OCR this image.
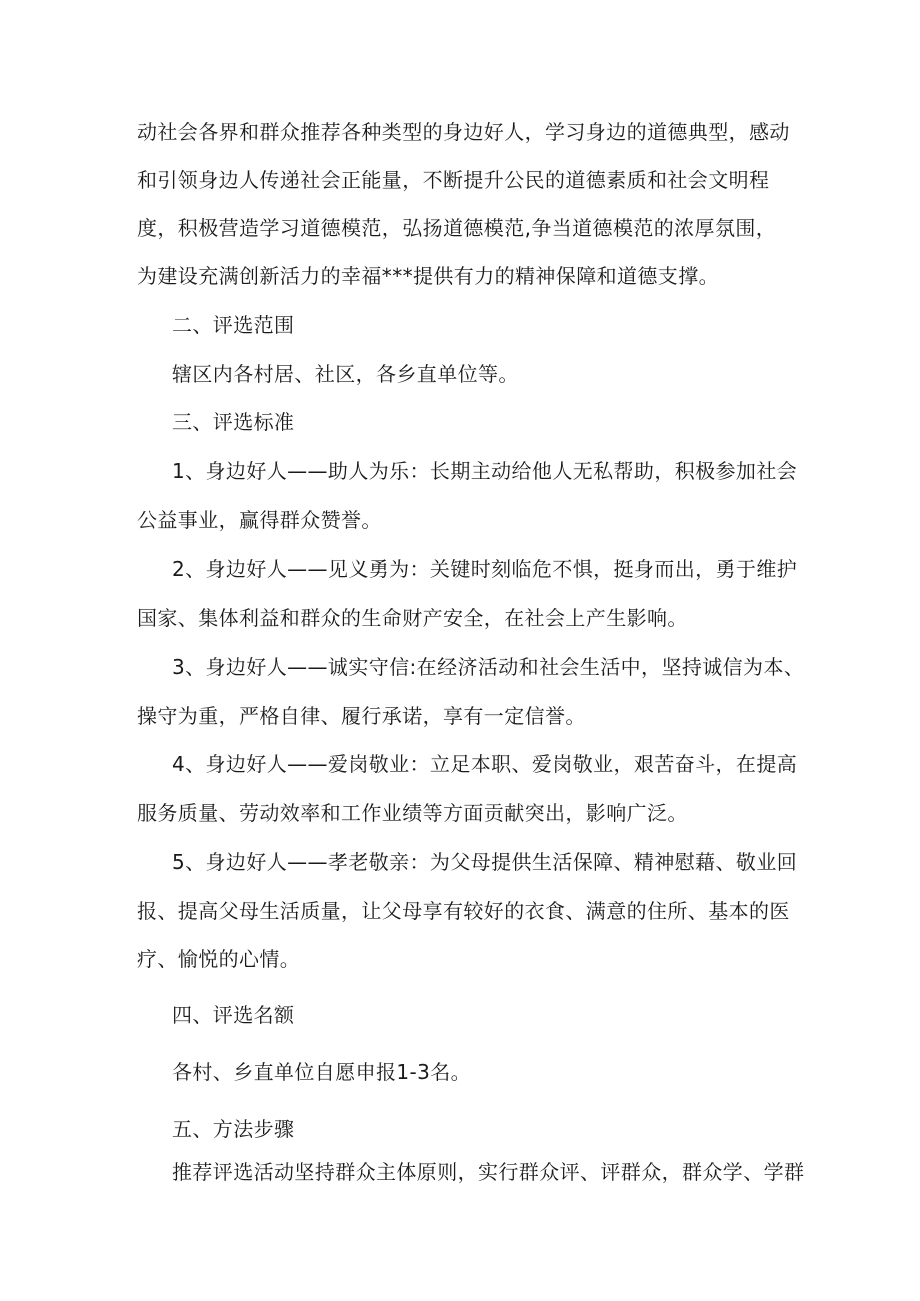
动社会各界和群众推荐各种类型的身边好人，学习身边的道德典型，感动
和引领身边人传递社会正能量，不断提升公民的道德素质和社会文明程
度，积极营造学习道德模范，弘扬道德模范,争当道德模范的浓厚氛围，
为建设充满创新活力的幸福***提供有力的精神保障和道德支撑。
二、评选范围
辖区内各村居、社区，各乡直单位等。
三、评选标准
1、身边好人——助人为乐：长期主动给他人无私帮助，积极参加社会
公益事业，赢得群众赞誉。
2、身边好人——见义勇为：关键时刻临危不惧，挺身而出，勇于维护
国家、集体利益和群众的生命财产安全，在社会上产生影响。
3、身边好人——诚实守信:在经济活动和社会生活中，坚持诚信为本、
操守为重，严格自律、履行承诺，享有一定信誉。
4、身边好人——爱岗敬业：立足本职、爱岗敬业，艰苦奋斗，在提高
服务质量、劳动效率和工作业绩等方面贡献突出，影响广泛。
5、身边好人——孝老敬亲：为父母提供生活保障、精神慰藉、敬业回
报、提高父母生活质量，让父母享有较好的衣食、满意的住所、基本的医
疗、愉悦的心情。
四、评选名额
各村、乡直单位自愿申报1-3名。
五、方法步骤
推荐评选活动坚持群众主体原则，实行群众评、评群众，群众学、学群
